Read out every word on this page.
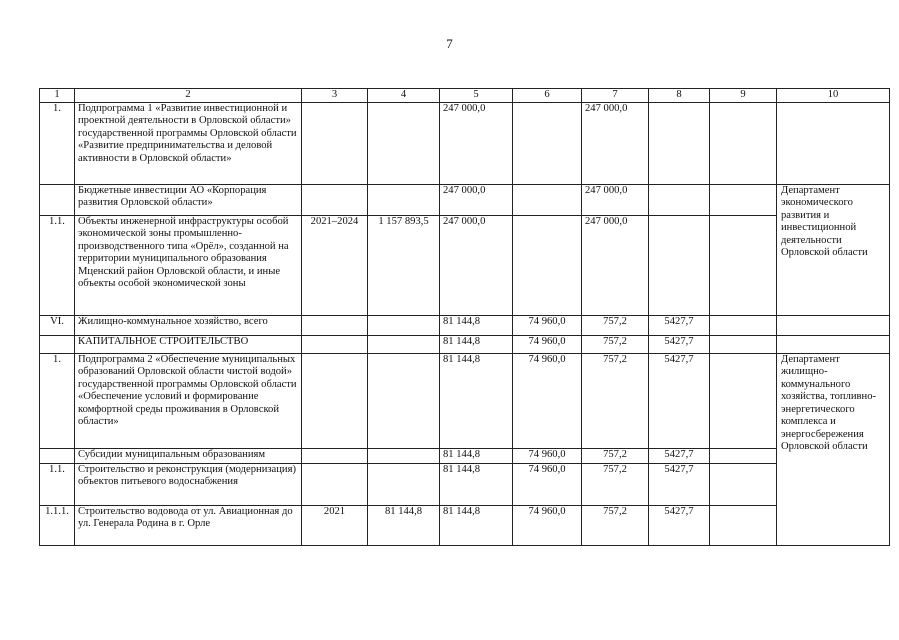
7
1	2	3	4	5	6	7	8	9	10
1.	Подпрограмма 1 «Развитие инвестиционной и проектной деятельности в Орловской области» государственной программы Орловской области «Развитие предпринимательства и деловой активности в Орловской области»			247 000,0		247 000,0			
	Бюджетные инвестиции АО «Корпорация развития Орловской области»			247 000,0		247 000,0			Департамент экономического развития и инвестиционной деятельности Орловской области
1.1.	Объекты инженерной инфраструктуры особой экономической зоны промышленно-производственного типа «Орёл», созданной на территории муниципального образования Мценский район Орловской области, и иные объекты особой экономической зоны	2021–2024	1 157 893,5	247 000,0		247 000,0			
VI.	Жилищно-коммунальное хозяйство, всего			81 144,8	74 960,0	757,2	5427,7		
	КАПИТАЛЬНОЕ СТРОИТЕЛЬСТВО			81 144,8	74 960,0	757,2	5427,7		
1.	Подпрограмма 2 «Обеспечение муниципальных образований Орловской области чистой водой» государственной программы Орловской области «Обеспечение условий и формирование комфортной среды проживания в Орловской области»			81 144,8	74 960,0	757,2	5427,7		Департамент жилищно-коммунального хозяйства, топливно-энергетического комплекса и энергосбережения Орловской области
	Субсидии муниципальным образованиям			81 144,8	74 960,0	757,2	5427,7		
1.1.	Строительство и реконструкция (модернизация) объектов питьевого водоснабжения			81 144,8	74 960,0	757,2	5427,7		
1.1.1.	Строительство водовода от ул. Авиационная до ул. Генерала Родина в г. Орле	2021	81 144,8	81 144,8	74 960,0	757,2	5427,7		
